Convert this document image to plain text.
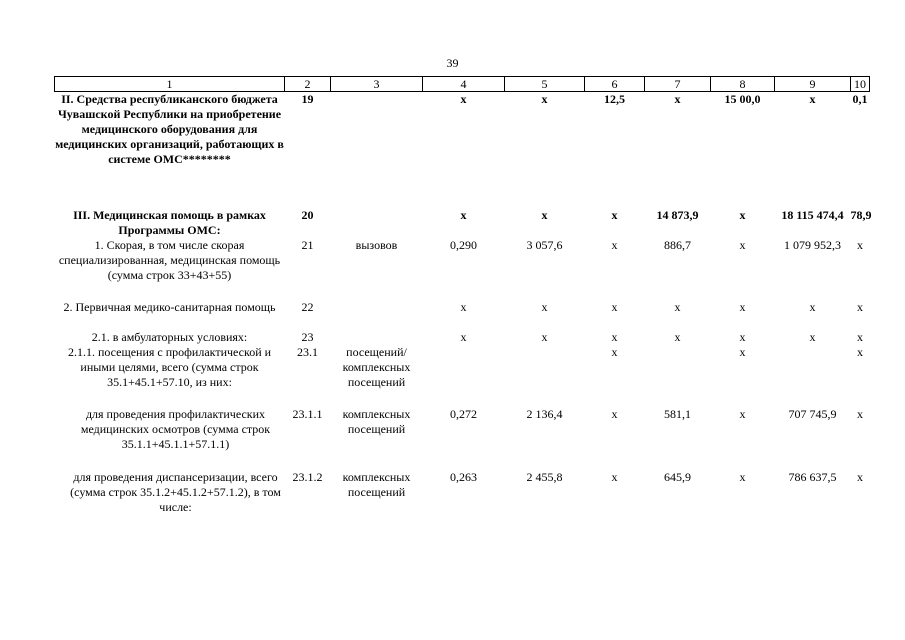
39
1	2	3	4	5	6	7	8	9	10
II. Средства республиканского бюджета Чувашской Республики на приобретение медицинского оборудования для медицинских организаций, работающих в системе ОМС********	19		х	х	12,5	х	15 00,0	х	0,1
III. Медицинская помощь в рамках Программы ОМС:	20		х	х	х	14 873,9	х	18 115 474,4	78,9
1. Скорая, в том числе скорая специализированная, медицинская помощь (сумма строк 33+43+55)	21	вызовов	0,290	3 057,6	х	886,7	х	1 079 952,3	х
2. Первичная медико-санитарная помощь	22		х	х	х	х	х	х	х
2.1. в амбулаторных условиях:	23		х	х	х	х	х	х	х
2.1.1. посещения с профилактической и иными целями, всего (сумма строк 35.1+45.1+57.10, из них:	23.1	посещений/ комплексных посещений			х		х		х
для проведения профилактических медицинских осмотров (сумма строк 35.1.1+45.1.1+57.1.1)	23.1.1	комплексных посещений	0,272	2 136,4	х	581,1	х	707 745,9	х
для проведения диспансеризации, всего (сумма строк 35.1.2+45.1.2+57.1.2), в том числе:	23.1.2	комплексных посещений	0,263	2 455,8	х	645,9	х	786 637,5	х
